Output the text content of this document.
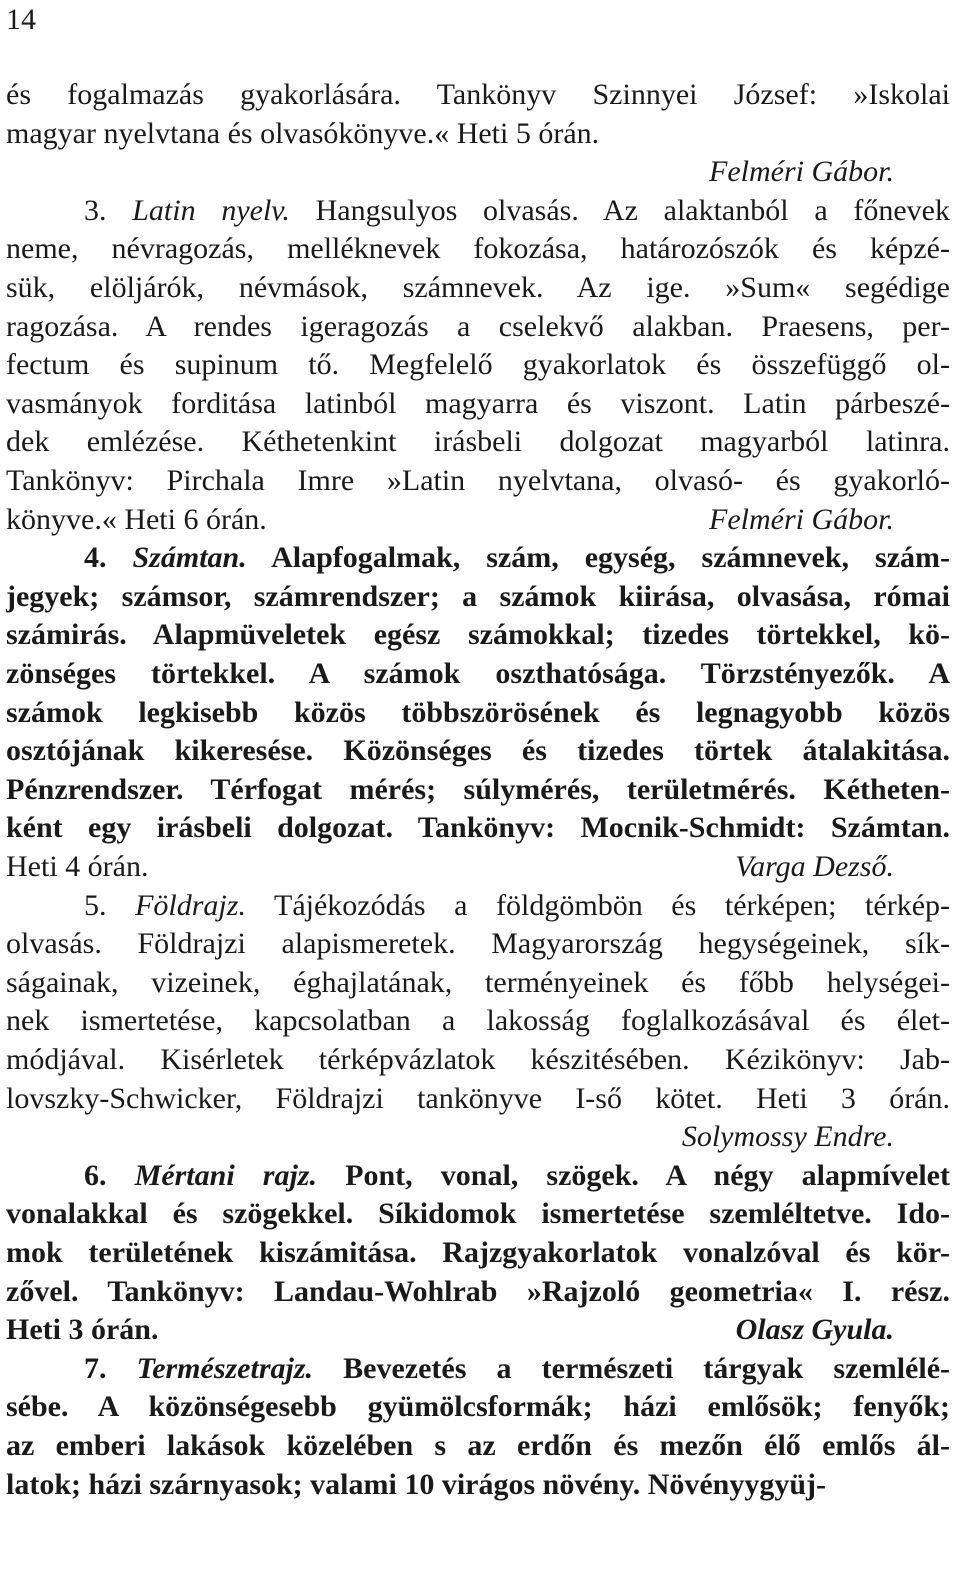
14
és fogalmazás gyakorlására. Tankönyv Szinnyei József: »Iskolai
magyar nyelvtana és olvasókönyve.« Heti 5 órán.
Felméri Gábor.
3. Latin nyelv. Hangsulyos olvasás. Az alaktanból a főnevek
neme, névragozás, melléknevek fokozása, határozószók és képzé-
sük, elöljárók, névmások, számnevek. Az ige. »Sum« segédige
ragozása. A rendes igeragozás a cselekvő alakban. Praesens, per-
fectum és supinum tő. Megfelelő gyakorlatok és összefüggő ol-
vasmányok forditása latinból magyarra és viszont. Latin párbeszé-
dek emlézése. Kéthetenkint irásbeli dolgozat magyarból latinra.
Tankönyv: Pirchala Imre »Latin nyelvtana, olvasó- és gyakorló-
könyve.« Heti 6 órán.	Felméri Gábor.
4. Számtan. Alapfogalmak, szám, egység, számnevek, szám-
jegyek; számsor, számrendszer; a számok kiirása, olvasása, római
számirás. Alapmüveletek egész számokkal; tizedes törtekkel, kö-
zönséges törtekkel. A számok oszthatósága. Törzstényezők. A
számok legkisebb közös többszörösének és legnagyobb közös
osztójának kikeresése. Közönséges és tizedes törtek átalakitása.
Pénzrendszer. Térfogat mérés; súlymérés, területmérés. Kétheten-
ként egy irásbeli dolgozat. Tankönyv: Mocnik-Schmidt: Számtan.
Heti 4 órán.	Varga Dezső.
5. Földrajz. Tájékozódás a földgömbön és térképen; térkép-
olvasás. Földrajzi alapismeretek. Magyarország hegységeinek, sík-
ságainak, vizeinek, éghajlatának, terményeinek és főbb helységei-
nek ismertetése, kapcsolatban a lakosság foglalkozásával és élet-
módjával. Kisérletek térképvázlatok készitésében. Kézikönyv: Jab-
lovszky-Schwicker, Földrajzi tankönyve I-ső kötet. Heti 3 órán.
Solymossy Endre.
6. Mértani rajz. Pont, vonal, szögek. A négy alapmívelet
vonalakkal és szögekkel. Síkidomok ismertetése szemléltetve. Ido-
mok területének kiszámitása. Rajzgyakorlatok vonalzóval és kör-
zővel. Tankönyv: Landau-Wohlrab »Rajzoló geometria« I. rész.
Heti 3 órán.	Olasz Gyula.
7. Természetrajz. Bevezetés a természeti tárgyak szemlélé-
sébe. A közönségesebb gyümölcsformák; házi emlősök; fenyők;
az emberi lakások közelében s az erdőn és mezőn élő emlős ál-
latok; házi szárnyasok; valami 10 virágos növény. Növényygyüj-
